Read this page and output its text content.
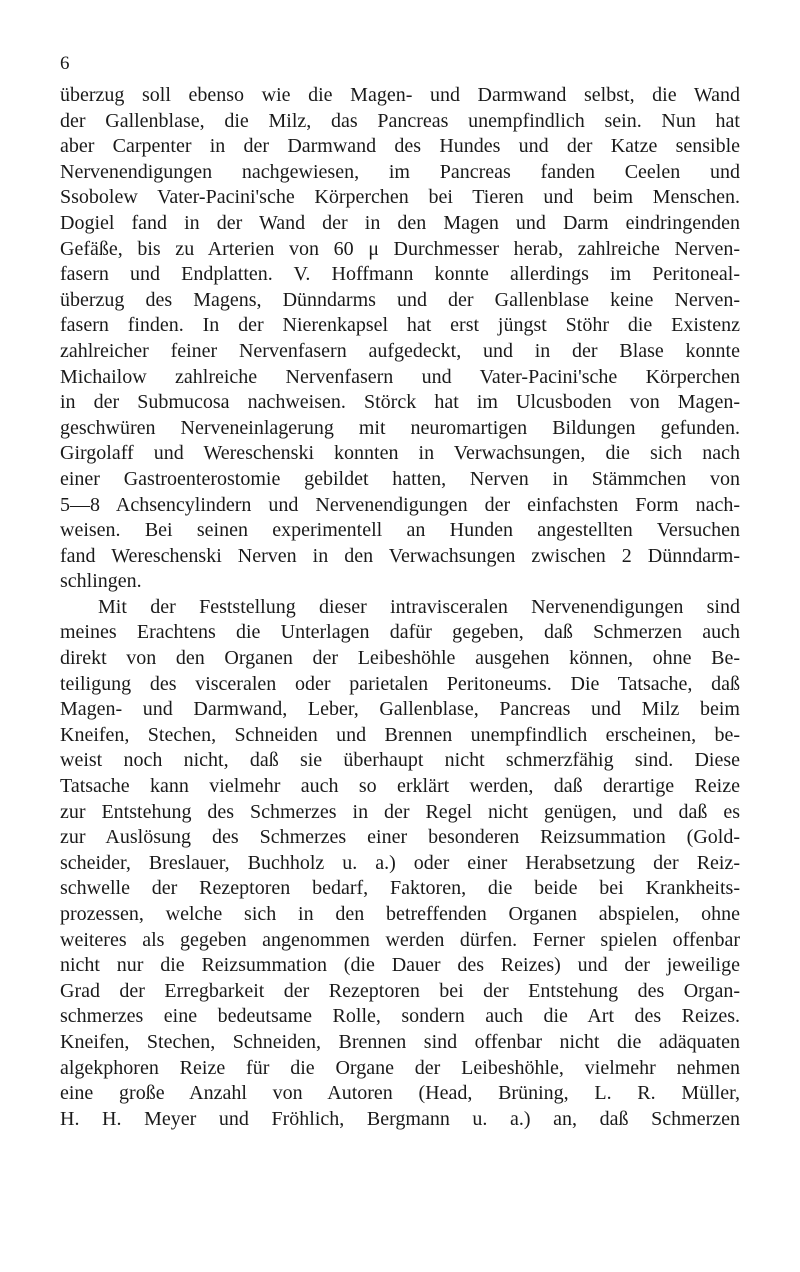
6
überzug soll ebenso wie die Magen- und Darmwand selbst, die Wand
der Gallenblase, die Milz, das Pancreas unempfindlich sein. Nun hat
aber Carpenter in der Darmwand des Hundes und der Katze sensible
Nervenendigungen nachgewiesen, im Pancreas fanden Ceelen und
Ssobolew Vater-Pacini'sche Körperchen bei Tieren und beim Menschen.
Dogiel fand in der Wand der in den Magen und Darm eindringenden
Gefäße, bis zu Arterien von 60 μ Durchmesser herab, zahlreiche Nerven-
fasern und Endplatten. V. Hoffmann konnte allerdings im Peritoneal-
überzug des Magens, Dünndarms und der Gallenblase keine Nerven-
fasern finden. In der Nierenkapsel hat erst jüngst Stöhr die Existenz
zahlreicher feiner Nervenfasern aufgedeckt, und in der Blase konnte
Michailow zahlreiche Nervenfasern und Vater-Pacini'sche Körperchen
in der Submucosa nachweisen. Störck hat im Ulcusboden von Magen-
geschwüren Nerveneinlagerung mit neuromartigen Bildungen gefunden.
Girgolaff und Wereschenski konnten in Verwachsungen, die sich nach
einer Gastroenterostomie gebildet hatten, Nerven in Stämmchen von
5—8 Achsencylindern und Nervenendigungen der einfachsten Form nach-
weisen. Bei seinen experimentell an Hunden angestellten Versuchen
fand Wereschenski Nerven in den Verwachsungen zwischen 2 Dünndarm-
schlingen.
Mit der Feststellung dieser intravisceralen Nervenendigungen sind
meines Erachtens die Unterlagen dafür gegeben, daß Schmerzen auch
direkt von den Organen der Leibeshöhle ausgehen können, ohne Be-
teiligung des visceralen oder parietalen Peritoneums. Die Tatsache, daß
Magen- und Darmwand, Leber, Gallenblase, Pancreas und Milz beim
Kneifen, Stechen, Schneiden und Brennen unempfindlich erscheinen, be-
weist noch nicht, daß sie überhaupt nicht schmerzfähig sind. Diese
Tatsache kann vielmehr auch so erklärt werden, daß derartige Reize
zur Entstehung des Schmerzes in der Regel nicht genügen, und daß es
zur Auslösung des Schmerzes einer besonderen Reizsummation (Gold-
scheider, Breslauer, Buchholz u. a.) oder einer Herabsetzung der Reiz-
schwelle der Rezeptoren bedarf, Faktoren, die beide bei Krankheits-
prozessen, welche sich in den betreffenden Organen abspielen, ohne
weiteres als gegeben angenommen werden dürfen. Ferner spielen offenbar
nicht nur die Reizsummation (die Dauer des Reizes) und der jeweilige
Grad der Erregbarkeit der Rezeptoren bei der Entstehung des Organ-
schmerzes eine bedeutsame Rolle, sondern auch die Art des Reizes.
Kneifen, Stechen, Schneiden, Brennen sind offenbar nicht die adäquaten
algekphoren Reize für die Organe der Leibeshöhle, vielmehr nehmen
eine große Anzahl von Autoren (Head, Brüning, L. R. Müller,
H. H. Meyer und Fröhlich, Bergmann u. a.) an, daß Schmerzen
